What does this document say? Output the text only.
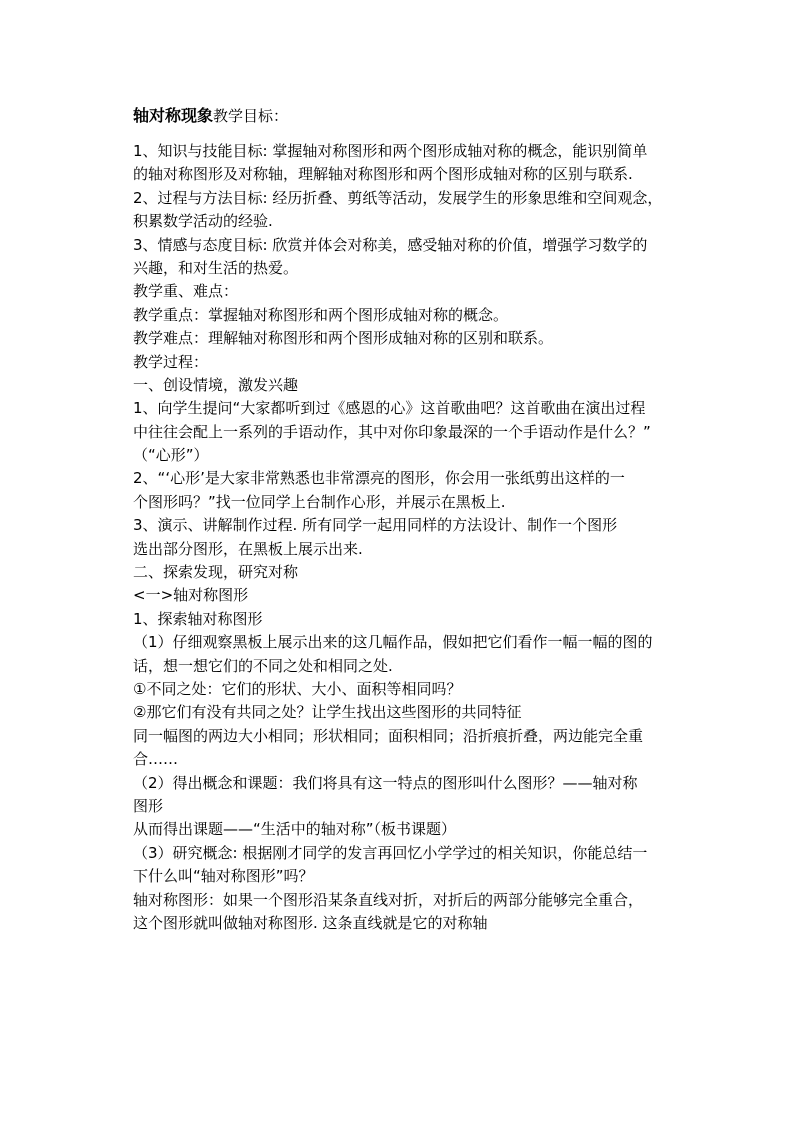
轴对称现象教学目标：
1、知识与技能目标: 掌握轴对称图形和两个图形成轴对称的概念，能识别简单
的轴对称图形及对称轴，理解轴对称图形和两个图形成轴对称的区别与联系.
2、过程与方法目标: 经历折叠、剪纸等活动，发展学生的形象思维和空间观念，
积累数学活动的经验.
3、情感与态度目标: 欣赏并体会对称美，感受轴对称的价值，增强学习数学的
兴趣，和对生活的热爱。
教学重、难点：
教学重点：掌握轴对称图形和两个图形成轴对称的概念。
教学难点：理解轴对称图形和两个图形成轴对称的区别和联系。
教学过程：
一、创设情境，激发兴趣
1、向学生提问“大家都听到过《感恩的心》这首歌曲吧？这首歌曲在演出过程
中往往会配上一系列的手语动作，其中对你印象最深的一个手语动作是什么？”
（“心形”）
2、“‘心形’是大家非常熟悉也非常漂亮的图形，你会用一张纸剪出这样的一
个图形吗？”找一位同学上台制作心形，并展示在黑板上.
3、演示、讲解制作过程. 所有同学一起用同样的方法设计、制作一个图形
选出部分图形，在黑板上展示出来.
二、探索发现，研究对称
<一>轴对称图形
1、探索轴对称图形
（1）仔细观察黑板上展示出来的这几幅作品，假如把它们看作一幅一幅的图的
话，想一想它们的不同之处和相同之处.
①不同之处：它们的形状、大小、面积等相同吗？
②那它们有没有共同之处？让学生找出这些图形的共同特征
同一幅图的两边大小相同；形状相同；面积相同；沿折痕折叠，两边能完全重
合……
（2）得出概念和课题：我们将具有这一特点的图形叫什么图形？——轴对称
图形
从而得出课题——“生活中的轴对称”（板书课题）
（3）研究概念: 根据刚才同学的发言再回忆小学学过的相关知识，你能总结一
下什么叫“轴对称图形”吗？
轴对称图形：如果一个图形沿某条直线对折，对折后的两部分能够完全重合，
这个图形就叫做轴对称图形. 这条直线就是它的对称轴
